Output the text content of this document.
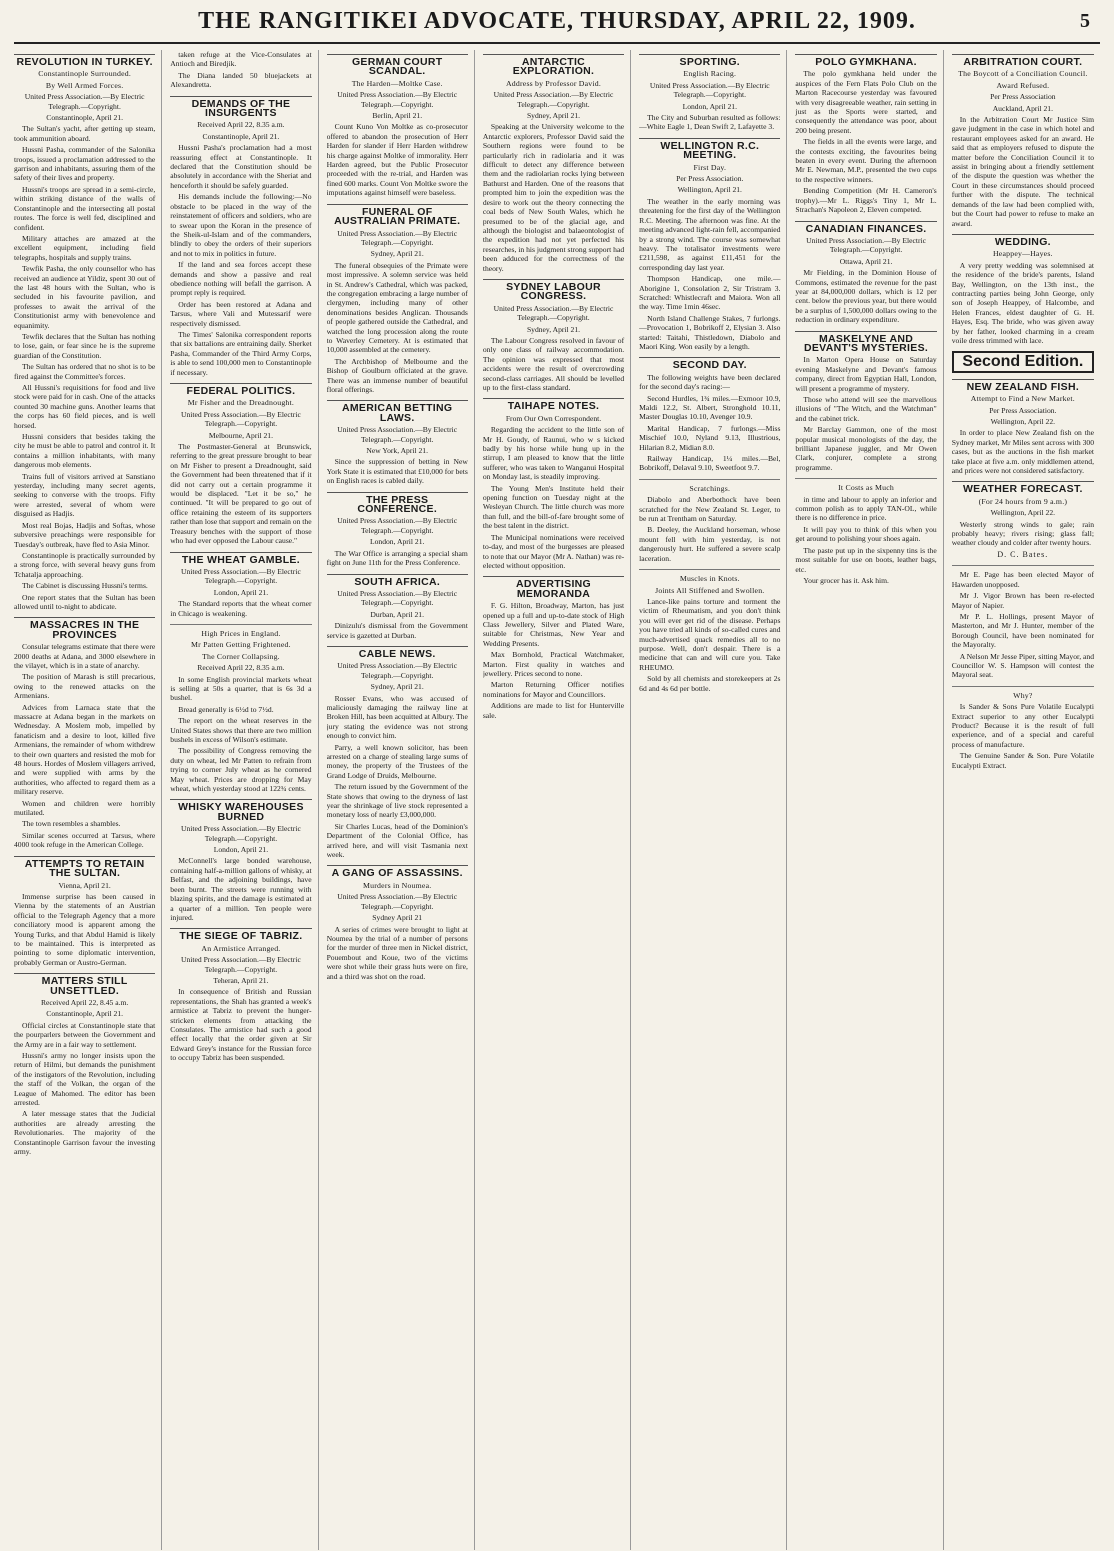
THE RANGITIKEI ADVOCATE, THURSDAY, APRIL 22, 1909.	5
REVOLUTION IN TURKEY.
Constantinople Surrounded.
By Well Armed Forces.
United Press Association.—By Electric Telegraph.—Copyright.
Constantinople, April 21.

The Sultan's yacht, after getting up steam, took ammunition aboard.

Hussni Pasha, commander of the Salonika troops, issued a proclamation addressed to the garrison and inhabitants, assuring them of the safety of their lives and property.

Hussni's troops are spread in a semi-circle, within striking distance of the walls of Constantinople and the intersecting all postal routes. The force is well fed, disciplined and confident.

Military attaches are amazed at the excellent equipment, including field telegraphs, hospitals and supply trains.

Tewfik Pasha, the only counsellor who has received an audience at Yildiz, spent 30 out of the last 48 hours with the Sultan, who is secluded in his favourite pavilion, and professes to await the arrival of the Constitutionist army with benevolence and equanimity.

Tewfik declares that the Sultan has nothing to lose, gain, or fear since he is the supreme guardian of the Constitution.

The Sultan has ordered that no shot is to be fired against the Committee's forces.

All Hussni's requisitions for food and live stock were paid for in cash. One of the attacks counted 30 machine guns. Another learns that the corps has 60 field pieces, and is well horsed.

Hussni considers that besides taking the city he must be able to patrol and control it. It contains a million inhabitants, with many dangerous mob elements.

Trains full of visitors arrived at Sanstiano yesterday, including many secret agents, seeking to converse with the troops. Fifty were arrested, several of whom were disguised as Hadjis.

Most real Bojas, Hadjis and Softas, whose subversive preachings were responsible for Tuesday's outbreak, have fled to Asia Minor.

Constantinople is practically surrounded by a strong force, with several heavy guns from Tchatalja approaching.

The Cabinet is discussing Hussni's terms.

One report states that the Sultan has been allowed until to-night to abdicate.

MASSACRES IN THE PROVINCES

Consular telegrams estimate that there were 2000 deaths at Adana, and 3000 elsewhere in the vilayet, which is in a state of anarchy.

The position of Marash is still precarious, owing to the renewed attacks on the Armenians.

Advices from Larnaca state that the massacre at Adana began in the markets on Wednesday. A Moslem mob, impelled by fanaticism and a desire to loot, killed five Armenians, the remainder of whom withdrew to their own quarters and resisted the mob for 48 hours. Hordes of Moslem villagers arrived, and were supplied with arms by the authorities, who affected to regard them as a military reserve.

Women and children were horribly mutilated.

The town resembles a shambles.

Similar scenes occurred at Tarsus, where 4000 took refuge in the American College.

ATTEMPTS TO RETAIN THE SULTAN.
Vienna, April 21.

Immense surprise has been caused in Vienna by the statements of an Austrian official to the Telegraph Agency that a more conciliatory mood is apparent among the Young Turks, and that Abdul Hamid is likely to be maintained. This is interpreted as pointing to some diplomatic intervention, probably German or Austro-German.

MATTERS STILL UNSETTLED.
Received April 22, 8.45 a.m.
Constantinople, April 21.

Official circles at Constantinople state that the pourparlers between the Government and the Army are in a fair way to settlement.

Hussni's army no longer insists upon the return of Hilmi, but demands the punishment of the instigators of the Revolution, including the staff of the Volkan, the organ of the League of Mahomed. The editor has been arrested.

A later message states that the Judicial authorities are already arresting the Revolutionaries. The majority of the Constantinople Garrison favour the investing army.

taken refuge at the Vice-Consulates at Antioch and Biredjik.

The Diana landed 50 bluejackets at Alexandretta.

DEMANDS OF THE INSURGENTS
Received April 22, 8.35 a.m.
Constantinople, April 21.

Hussni Pasha's proclamation had a most reassuring effect at Constantinople. It declared that the Constitution should be absolutely in accordance with the Sheriat and henceforth it should be safely guarded.

His demands include the following:—No obstacle to be placed in the way of the reinstatement of officers and soldiers, who are to swear upon the Koran in the presence of the Sheik-ul-Islam and of the commanders, blindly to obey the orders of their superiors and not to mix in politics in future.

If the land and sea forces accept these demands and show a passive and real obedience nothing will befall the garrison. A prompt reply is required.

Order has been restored at Adana and Tarsus, where Vali and Mutessarif were respectively dismissed.

The Times' Salonika correspondent reports that six battalions are entraining daily. Sherket Pasha, Commander of the Third Army Corps, is able to send 100,000 men to Constantinople if necessary.

FEDERAL POLITICS.
Mr Fisher and the Dreadnought.
United Press Association.—By Electric Telegraph.—Copyright.
Melbourne, April 21.

The Postmaster-General at Brunswick, referring to the great pressure brought to bear on Mr Fisher to present a Dreadnought, said the Government had been threatened that if it did not carry out a certain programme it would be displaced. "Let it be so," he continued. "It will be prepared to go out of office retaining the esteem of its supporters rather than lose that support and remain on the Treasury benches with the support of those who had ever opposed the Labour cause."

THE WHEAT GAMBLE.
United Press Association.—By Electric Telegraph.—Copyright.
London, April 21.

The Standard reports that the wheat corner in Chicago is weakening.

High Prices in England.
Mr Patten Getting Frightened.
The Corner Collapsing.
Received April 22, 8.35 a.m.

In some English provincial markets wheat is selling at 50s a quarter, that is 6s 3d a bushel.

Bread generally is 6½d to 7½d.

The report on the wheat reserves in the United States shows that there are two million bushels in excess of Wilson's estimate.

The possibility of Congress removing the duty on wheat, led Mr Patten to refrain from trying to corner July wheat as he cornered May wheat. Prices are dropping for May wheat, which yesterday stood at 122¾ cents.

WHISKY WAREHOUSES BURNED
United Press Association.—By Electric Telegraph.—Copyright.
London, April 21.

McConnell's large bonded warehouse, containing half-a-million gallons of whisky, at Belfast, and the adjoining buildings, have been burnt. The streets were running with blazing spirits, and the damage is estimated at a quarter of a million. Ten people were injured.

THE SIEGE OF TABRIZ.
An Armistice Arranged.
United Press Association.—By Electric Telegraph.—Copyright.
Teheran, April 21.

In consequence of British and Russian representations, the Shah has granted a week's armistice at Tabriz to prevent the hunger-stricken elements from attacking the Consulates. The armistice had such a good effect locally that the order given at Sir Edward Grey's instance for the Russian force to occupy Tabriz has been suspended.

GERMAN COURT SCANDAL.
The Harden—Moltke Case.
United Press Association.—By Electric Telegraph.—Copyright.
Berlin, April 21.

Count Kuno Von Moltke as co-prosecutor offered to abandon the prosecution of Herr Harden for slander if Herr Harden withdrew his charge against Moltke of immorality. Herr Harden agreed, but the Public Prosecutor proceeded with the re-trial, and Harden was fined 600 marks. Count Von Moltke swore the imputations against himself were baseless.

FUNERAL OF AUSTRALIAN PRIMATE.
United Press Association.—By Electric Telegraph.—Copyright.
Sydney, April 21.

The funeral obsequies of the Primate were most impressive. A solemn service was held in St. Andrew's Cathedral, which was packed, the congregation embracing a large number of clergymen, including many of other denominations besides Anglican. Thousands of people gathered outside the Cathedral, and watched the long procession along the route to Waverley Cemetery. At is estimated that 10,000 assembled at the cemetery.

The Archbishop of Melbourne and the Bishop of Goulburn officiated at the grave. There was an immense number of beautiful floral offerings.

AMERICAN BETTING LAWS.
United Press Association.—By Electric Telegraph.—Copyright.
New York, April 21.

Since the suppression of betting in New York State it is estimated that £10,000 for bets on English races is cabled daily.

THE PRESS CONFERENCE.
United Press Association.—By Electric Telegraph.—Copyright.
London, April 21.

The War Office is arranging a special sham fight on June 11th for the Press Conference.

SOUTH AFRICA.
United Press Association.—By Electric Telegraph.—Copyright.
Durban, April 21.

Dinizulu's dismissal from the Government service is gazetted at Durban.

CABLE NEWS.
United Press Association.—By Electric Telegraph.—Copyright.
Sydney, April 21.

Rosser Evans, who was accused of maliciously damaging the railway line at Broken Hill, has been acquitted at Albury. The jury stating the evidence was not strong enough to convict him.

Parry, a well known solicitor, has been arrested on a charge of stealing large sums of money, the property of the Trustees of the Grand Lodge of Druids, Melbourne.

The return issued by the Government of the State shows that owing to the dryness of last year the shrinkage of live stock represented a monetary loss of nearly £3,000,000.

Sir Charles Lucas, head of the Dominion's Department of the Colonial Office, has arrived here, and will visit Tasmania next week.

A GANG OF ASSASSINS.
Murders in Noumea.
United Press Association.—By Electric Telegraph.—Copyright.
Sydney April 21

A series of crimes were brought to light at Noumea by the trial of a number of persons for the murder of three men in Nickel district, Pouembout and Koue, two of the victims were shot while their grass huts were on fire, and a third was shot on the road.

ANTARCTIC EXPLORATION.
Address by Professor David.
United Press Association.—By Electric Telegraph.—Copyright.
Sydney, April 21.

Speaking at the University welcome to the Antarctic explorers, Professor David said the Southern regions were found to be particularly rich in radiolaria and it was difficult to detect any difference between them and the radiolarian rocks lying between Bathurst and Harden. One of the reasons that prompted him to join the expedition was the desire to work out the theory connecting the coal beds of New South Wales, which he presumed to be of the glacial age, and although the biologist and balaeontologist of the expedition had not yet perfected his researches, in his judgment strong support had been adduced for the correctness of the theory.

SYDNEY LABOUR CONGRESS.
United Press Association.—By Electric Telegraph.—Copyright.
Sydney, April 21.

The Labour Congress resolved in favour of only one class of railway accommodation. The opinion was expressed that most accidents were the result of overcrowding second-class carriages. All should be levelled up to the first-class standard.

TAIHAPE NOTES.
From Our Own Correspondent.

Regarding the accident to the little son of Mr H. Goudy, of Raunui, who w s kicked badly by his horse while hung up in the stirrup, I am pleased to know that the little sufferer, who was taken to Wanganui Hospital on Monday last, is steadily improving.

The Young Men's Institute held their opening function on Tuesday night at the Wesleyan Church. The little church was more than full, and the bill-of-fare brought some of the best talent in the district.

The Municipal nominations were received to-day, and most of the burgesses are pleased to note that our Mayor (Mr A. Nathan) was re-elected without opposition.

ADVERTISING MEMORANDA

F. G. Hilton, Broadway, Marton, has just opened up a full and up-to-date stock of High Class Jewellery, Silver and Plated Ware, suitable for Christmas, New Year and Wedding Presents.

Max Bornhold, Practical Watchmaker, Marton. First quality in watches and jewellery. Prices second to none.

Marton Returning Officer notifies nominations for Mayor and Councillors.

Additions are made to list for Hunterville sale.

SPORTING.
English Racing.
United Press Association.—By Electric Telegraph.—Copyright.
London, April 21.

The City and Suburban resulted as follows:—White Eagle 1, Dean Swift 2, Lafayette 3.

WELLINGTON R.C. MEETING.
First Day.
Per Press Association.
Wellington, April 21.

The weather in the early morning was threatening for the first day of the Wellington R.C. Meeting. The afternoon was fine. At the meeting advanced light-rain fell, accompanied by a strong wind. The course was somewhat heavy. The totalisator investments were £211,598, as against £11,451 for the corresponding day last year.

Thompson Handicap, one mile.—Aborigine 1, Consolation 2, Sir Tristram 3. Scratched: Whistlecraft and Maiora. Won all the way. Time 1min 46sec.

North Island Challenge Stakes, 7 furlongs.—Provocation 1, Bobrikoff 2, Elysian 3. Also started: Taitahi, Thistledown, Diabolo and Maori King. Won easily by a length.

SECOND DAY.

The following weights have been declared for the second day's racing:—

Second Hurdles, 1¾ miles.—Exmoor 10.9, Maldi 12.2, St. Albert, Stronghold 10.11, Master Douglas 10.10, Avenger 10.9.

Marital Handicap, 7 furlongs.—Miss Mischief 10.0, Nyland 9.13, Illustrious, Hilarian 8.2, Midian 8.0.

Railway Handicap, 1¼ miles.—Bel, Bobrikoff, Delaval 9.10, Sweetfoot 9.7.

Scratchings.

Diabolo and Aberbothock have been scratched for the New Zealand St. Leger, to be run at Trentham on Saturday.

B. Deeley, the Auckland horseman, whose mount fell with him yesterday, is not dangerously hurt. He suffered a severe scalp laceration.

Muscles in Knots.
Joints All Stiffened and Swollen.

Lance-like pains torture and torment the victim of Rheumatism, and you don't think you will ever get rid of the disease. Perhaps you have tried all kinds of so-called cures and much-advertised quack remedies all to no purpose. Well, don't despair. There is a medicine that can and will cure you. Take RHEUMO.

Sold by all chemists and storekeepers at 2s 6d and 4s 6d per bottle.

POLO GYMKHANA.

The polo gymkhana held under the auspices of the Fern Flats Polo Club on the Marton Racecourse yesterday was favoured with very disagreeable weather, rain setting in just as the Sports were started, and consequently the attendance was poor, about 200 being present.

The fields in all the events were large, and the contests exciting, the favourites being beaten in every event. During the afternoon Mr E. Newman, M.P., presented the two cups to the respective winners.

Bending Competition (Mr H. Cameron's trophy).—Mr L. Riggs's Tiny 1, Mr L. Strachan's Napoleon 2, Eleven competed.

CANADIAN FINANCES.
United Press Association.—By Electric Telegraph.—Copyright.
Ottawa, April 21.

Mr Fielding, in the Dominion House of Commons, estimated the revenue for the past year at 84,000,000 dollars, which is 12 per cent. below the previous year, but there would be a surplus of 1,500,000 dollars owing to the reduction in ordinary expenditure.

MASKELYNE AND DEVANT'S MYSTERIES.

In Marton Opera House on Saturday evening Maskelyne and Devant's famous company, direct from Egyptian Hall, London, will present a programme of mystery.

Those who attend will see the marvellous illusions of "The Witch, and the Watchman" and the cabinet trick.

Mr Barclay Gammon, one of the most popular musical monologists of the day, the brilliant Japanese juggler, and Mr Owen Clark, conjurer, complete a strong programme.

It Costs as Much

in time and labour to apply an inferior and common polish as to apply TAN-OL, while there is no difference in price.

It will pay you to think of this when you get around to polishing your shoes again.

The paste put up in the sixpenny tins is the most suitable for use on boots, leather bags, etc.

Your grocer has it. Ask him.

ARBITRATION COURT.
The Boycott of a Conciliation Council.
Award Refused.
Per Press Association
Auckland, April 21.

In the Arbitration Court Mr Justice Sim gave judgment in the case in which hotel and restaurant employees asked for an award. He said that as employers refused to dispute the matter before the Conciliation Council it to assist in bringing about a friendly settlement of the dispute the question was whether the Court in these circumstances should proceed further with the dispute. The technical demands of the law had been complied with, but the Court had power to refuse to make an award.

WEDDING.
Heappey—Hayes.

A very pretty wedding was solemnised at the residence of the bride's parents, Island Bay, Wellington, on the 13th inst., the contracting parties being John George, only son of Joseph Heappey, of Halcombe, and Helen Frances, eldest daughter of G. H. Hayes, Esq. The bride, who was given away by her father, looked charming in a cream voile dress trimmed with lace.

Second Edition.
NEW ZEALAND FISH.
Attempt to Find a New Market.
Per Press Association.
Wellington, April 22.

In order to place New Zealand fish on the Sydney market, Mr Miles sent across with 300 cases, but as the auctions in the fish market take place at five a.m. only middlemen attend, and prices were not considered satisfactory.

WEATHER FORECAST.
(For 24 hours from 9 a.m.)
Wellington, April 22.

Westerly strong winds to gale; rain probably heavy; rivers rising; glass fall; weather cloudy and colder after twenty hours.

D. C. Bates.

Mr E. Page has been elected Mayor of Hawarden unopposed.

Mr J. Vigor Brown has been re-elected Mayor of Napier.

Mr P. L. Hollings, present Mayor of Masterton, and Mr J. Hunter, member of the Borough Council, have been nominated for the Mayoralty.

A Nelson Mr Jesse Piper, sitting Mayor, and Councillor W. S. Hampson will contest the Mayoral seat.

Why?

Is Sander & Sons Pure Volatile Eucalypti Extract superior to any other Eucalypti Product? Because it is the result of full experience, and of a special and careful process of manufacture.

The Genuine Sander & Son. Pure Volatile Eucalypti Extract.
